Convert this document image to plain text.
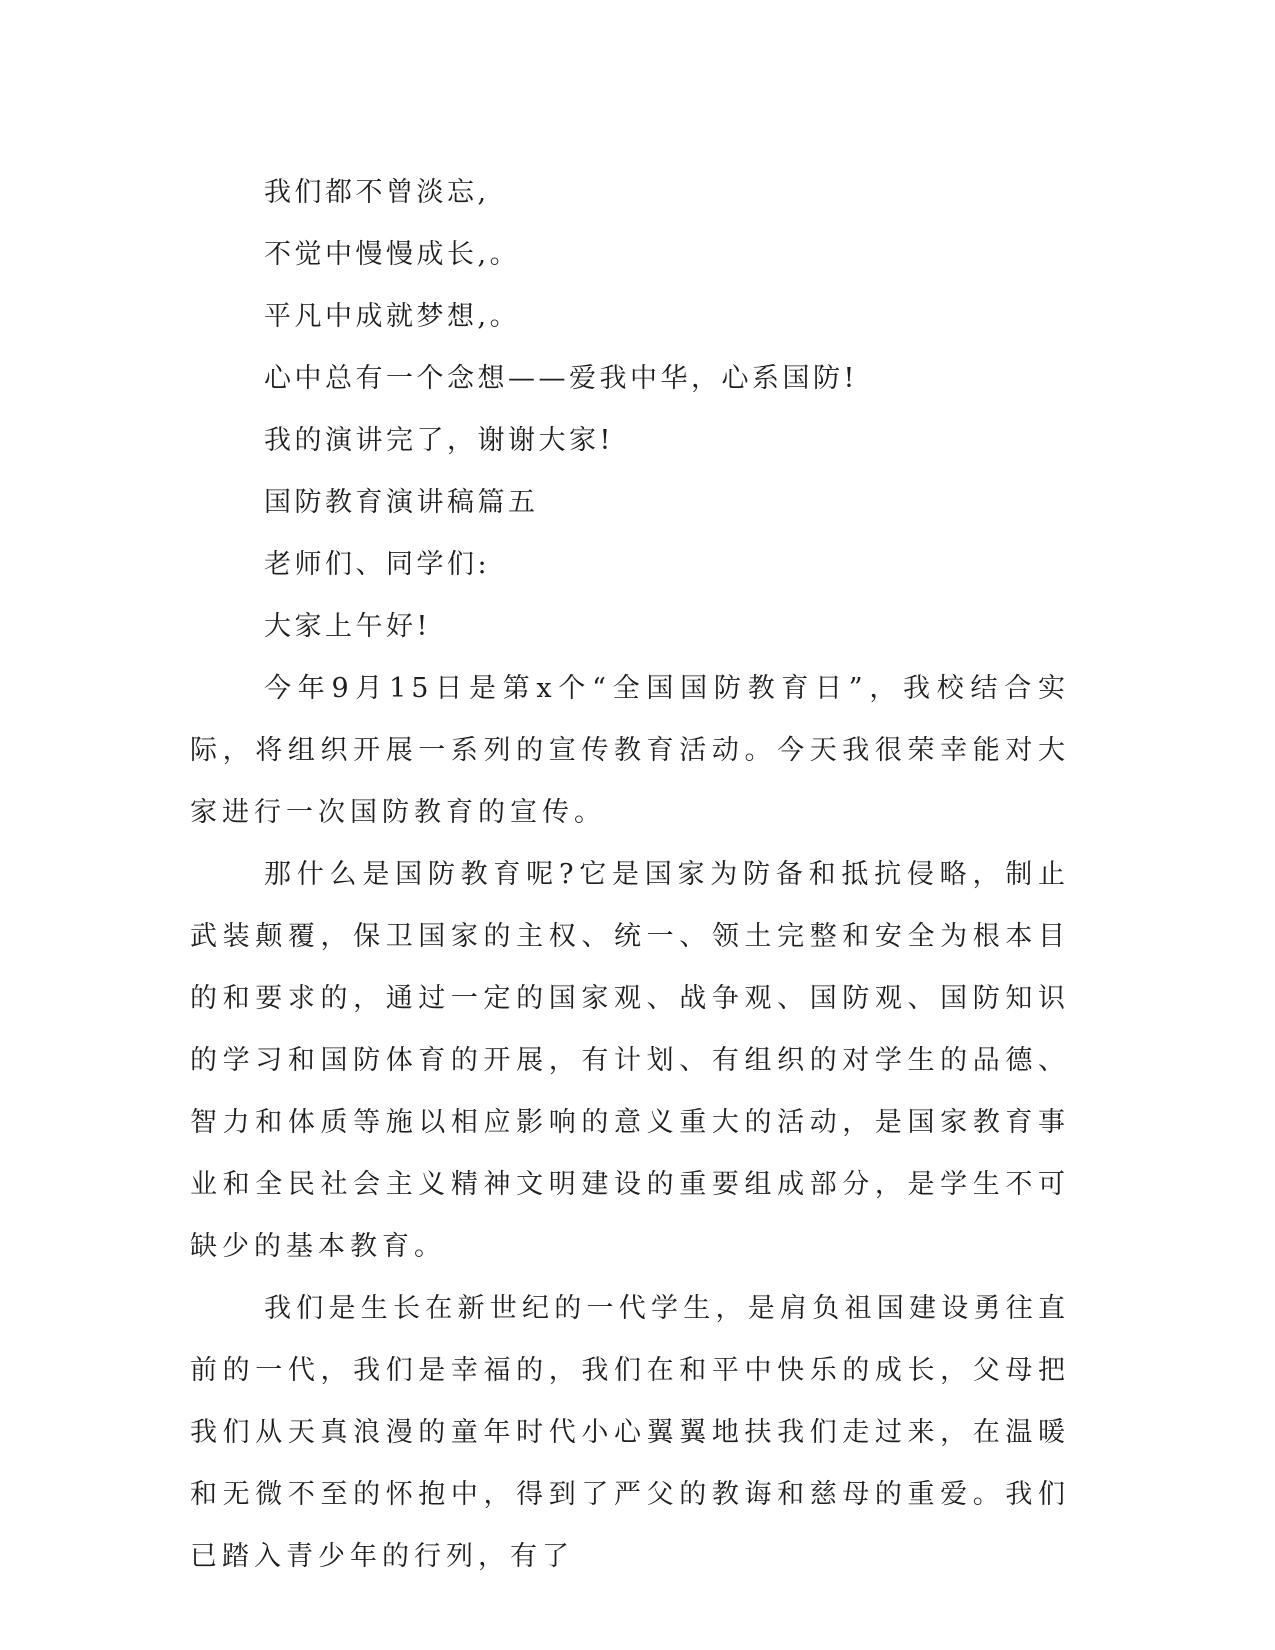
我们都不曾淡忘,

不觉中慢慢成长,。

平凡中成就梦想,。

心中总有一个念想——爱我中华，心系国防!

我的演讲完了，谢谢大家!

国防教育演讲稿篇五

老师们、同学们:

大家上午好!

今年9月15日是第x个“全国国防教育日”，我校结合实际，将组织开展一系列的宣传教育活动。今天我很荣幸能对大家进行一次国防教育的宣传。

那什么是国防教育呢?它是国家为防备和抵抗侵略，制止武装颠覆，保卫国家的主权、统一、领土完整和安全为根本目的和要求的，通过一定的国家观、战争观、国防观、国防知识的学习和国防体育的开展，有计划、有组织的对学生的品德、智力和体质等施以相应影响的意义重大的活动，是国家教育事业和全民社会主义精神文明建设的重要组成部分，是学生不可缺少的基本教育。

我们是生长在新世纪的一代学生，是肩负祖国建设勇往直前的一代，我们是幸福的，我们在和平中快乐的成长，父母把我们从天真浪漫的童年时代小心翼翼地扶我们走过来，在温暖和无微不至的怀抱中，得到了严父的教诲和慈母的重爱。我们已踏入青少年的行列，有了
